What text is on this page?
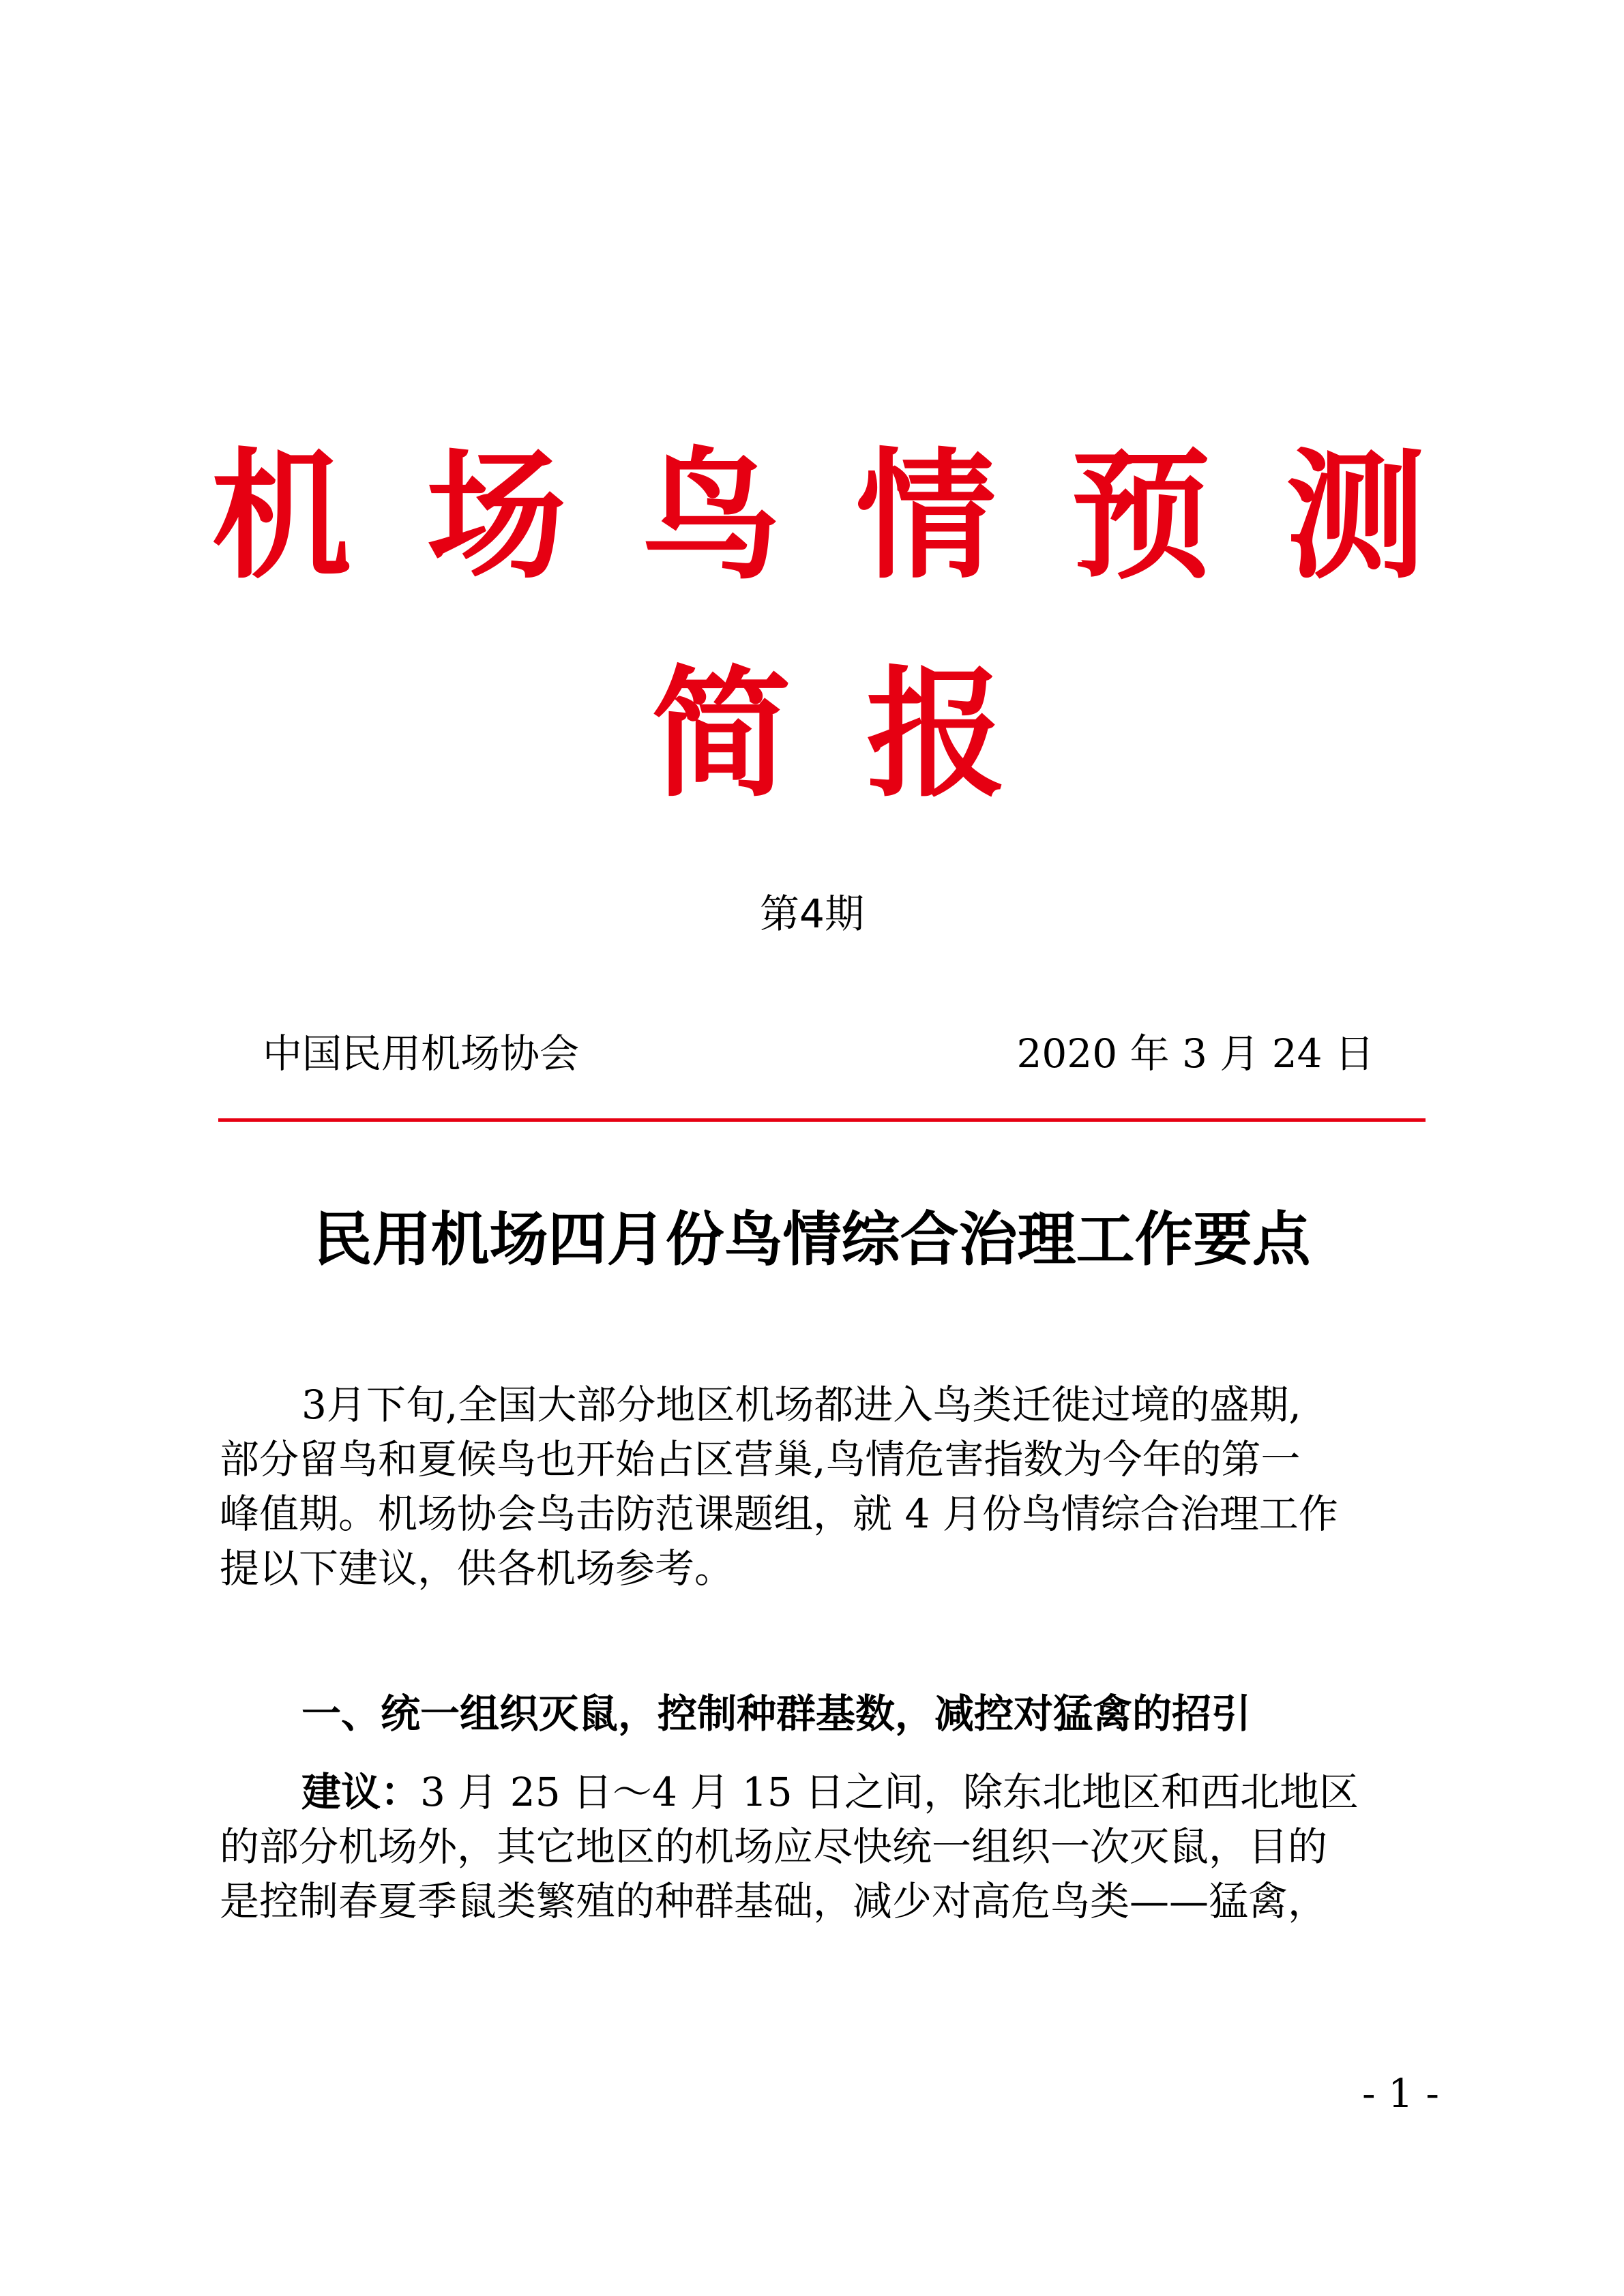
机 场 鸟 情 预 测
简 报
第4期
中国民用机场协会	2020 年 3 月 24 日
民用机场四月份鸟情综合治理工作要点
3月下旬,全国大部分地区机场都进入鸟类迁徙过境的盛期,
部分留鸟和夏候鸟也开始占区营巢,鸟情危害指数为今年的第一
峰值期。机场协会鸟击防范课题组，就 4 月份鸟情综合治理工作
提以下建议，供各机场参考。
一、统一组织灭鼠，控制种群基数，减控对猛禽的招引
建议：3 月 25 日～4 月 15 日之间，除东北地区和西北地区
的部分机场外，其它地区的机场应尽快统一组织一次灭鼠，目的
是控制春夏季鼠类繁殖的种群基础，减少对高危鸟类——猛禽，
- 1 -
